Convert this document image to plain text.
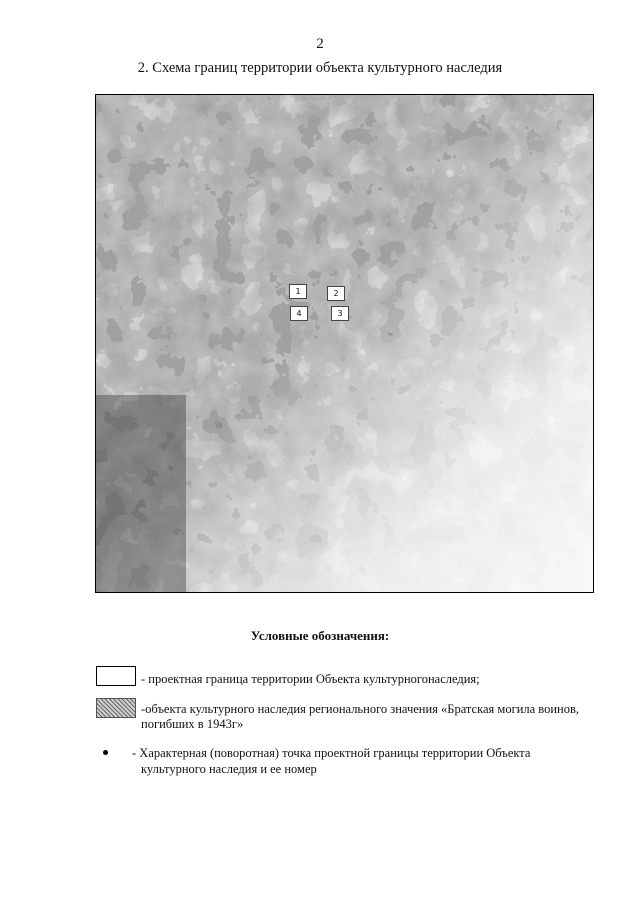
2
2. Схема границ территории объекта культурного наследия
1	2
4	3
Условные обозначения:
- проектная граница территории Объекта культурногонаследия;
-объекта культурного наследия регионального значения «Братская могила воинов,
погибших в 1943г»
- Характерная (поворотная) точка проектной границы территории Объекта
культурного наследия и ее номер
